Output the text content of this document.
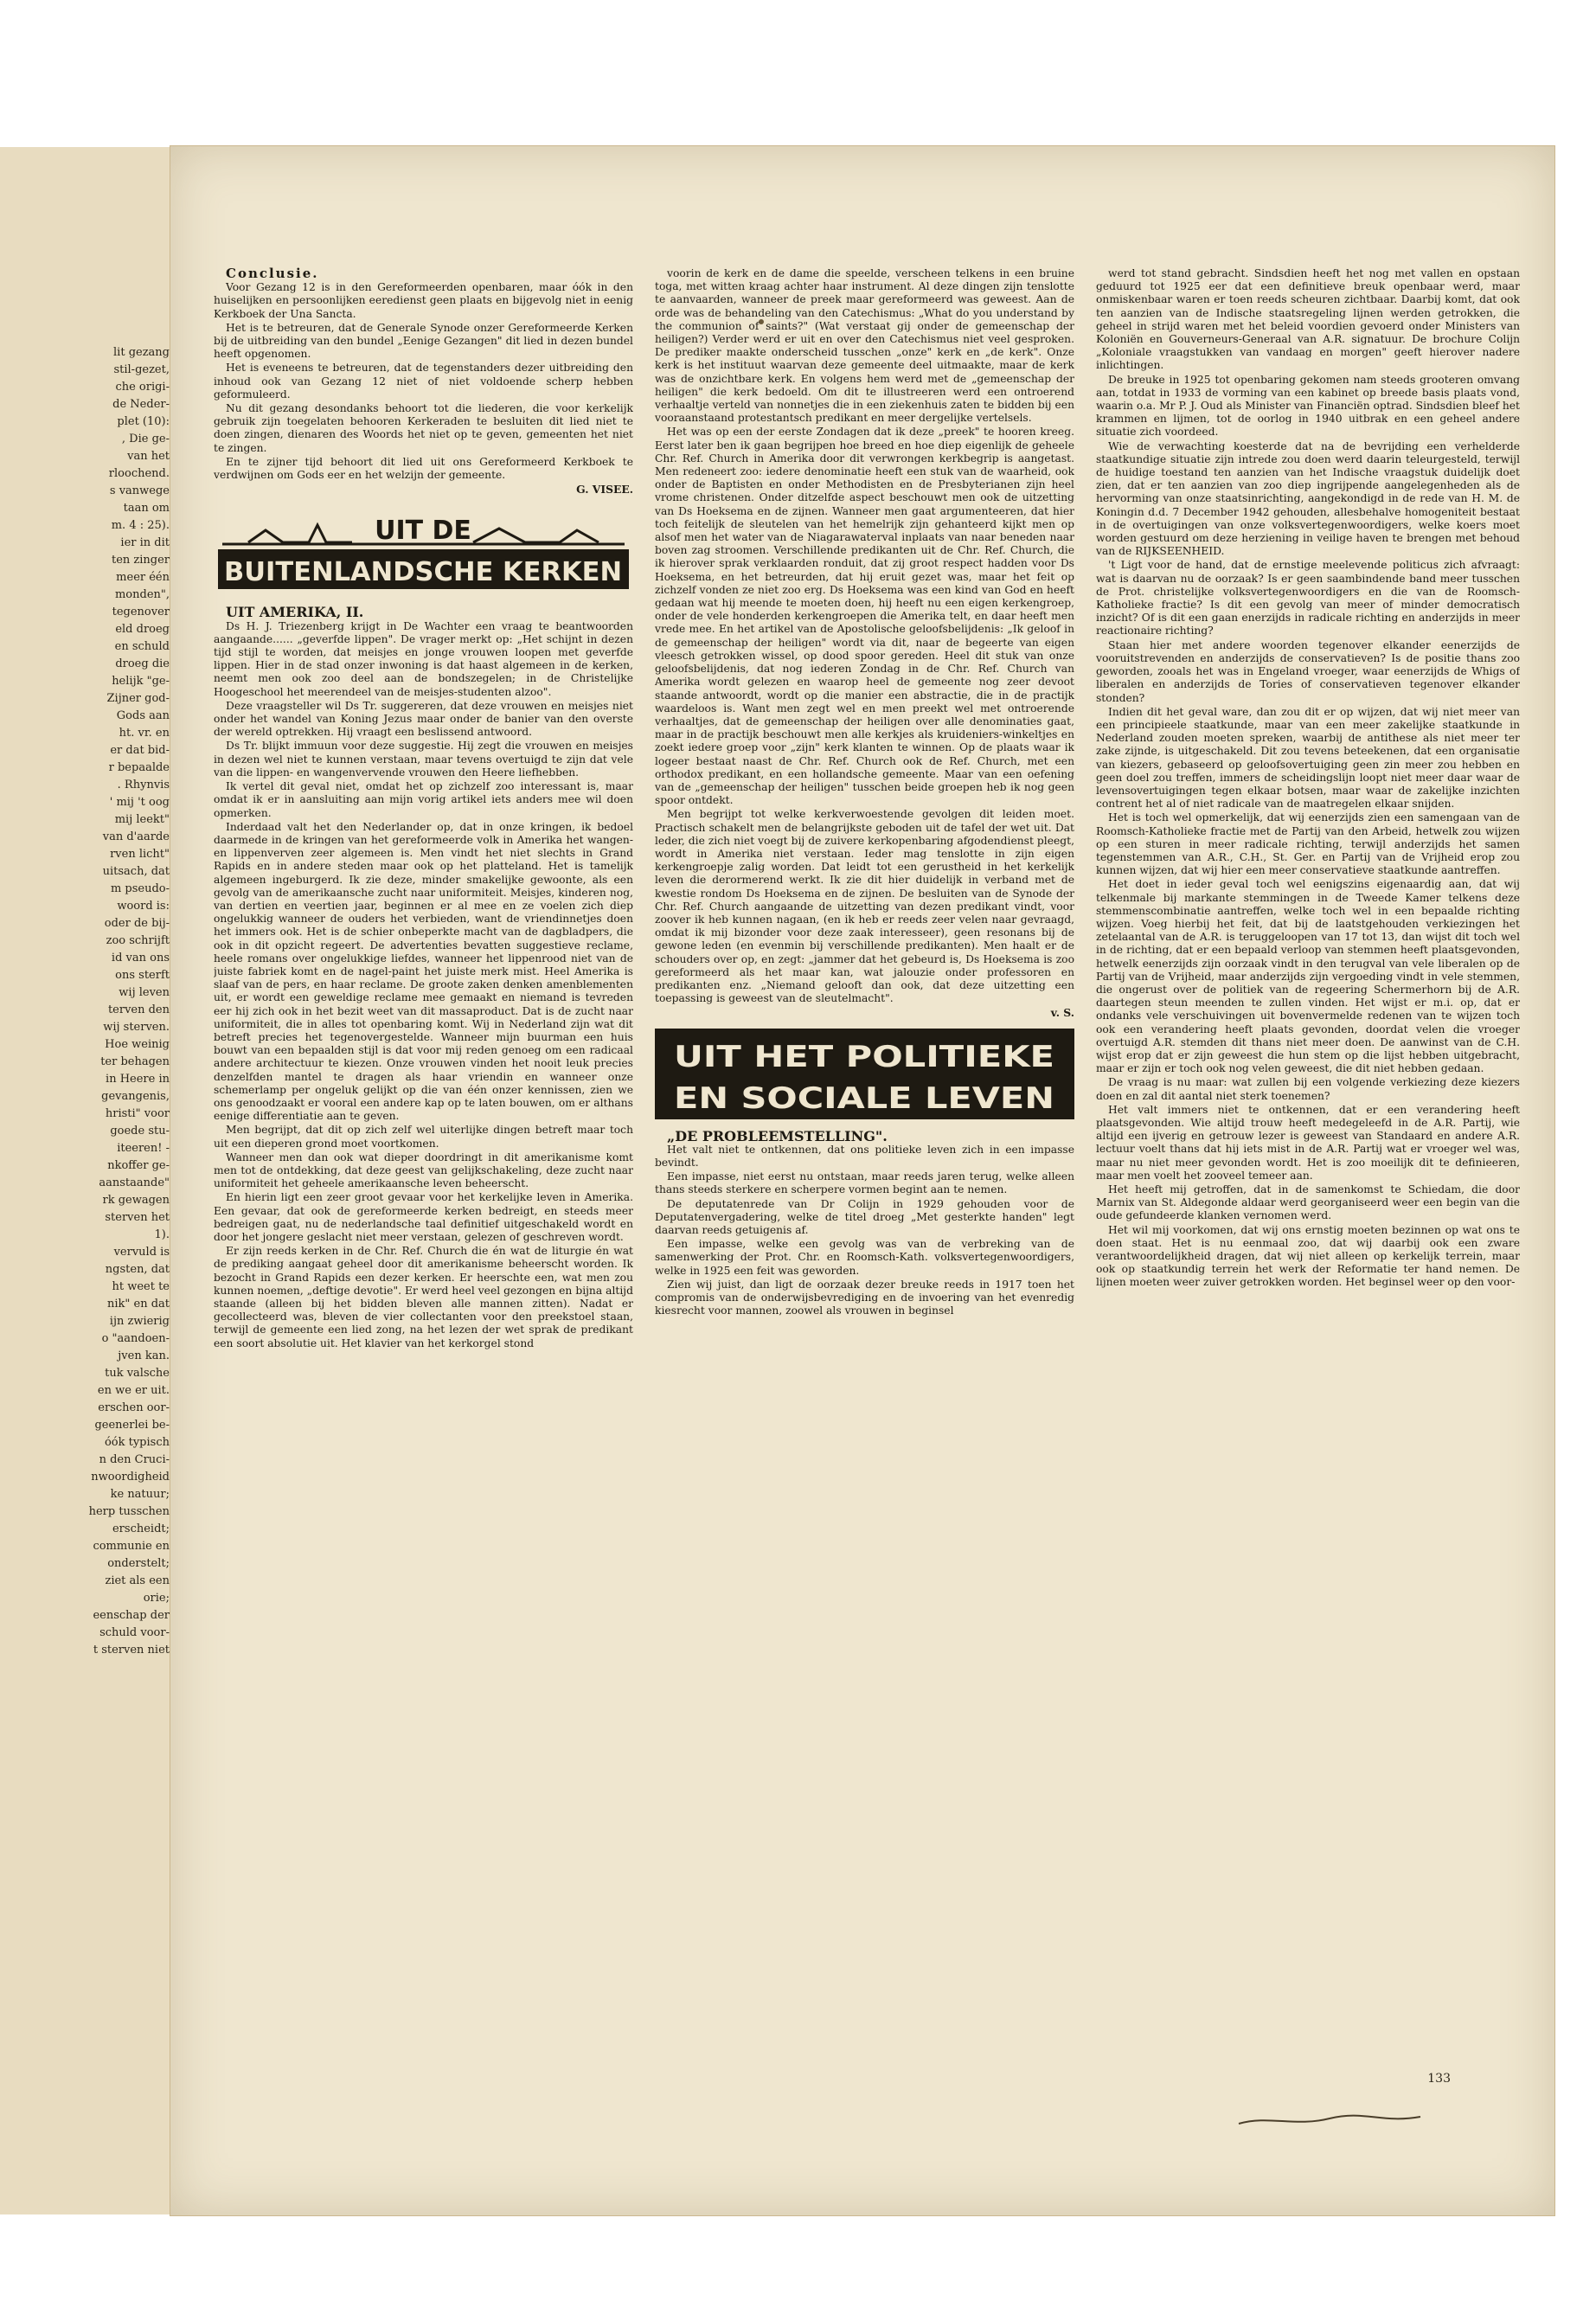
lit gezang
stil-gezet,
che origi-
de Neder-
plet (10):
, Die ge-
van het
rloochend.
s vanwege
taan om
m. 4 : 25).
ier in dit
ten zinger
meer één
monden",
tegenover
eld droeg
en schuld
droeg die
helijk "ge-
Zijner god-
Gods aan
ht. vr. en
er dat bid-
r bepaalde
. Rhynvis
' mij 't oog
mij leekt"
van d'aarde
rven licht"
uitsach, dat
m pseudo-
woord is:
oder de bij-
zoo schrijft
id van ons
ons sterft
wij leven
terven den
wij sterven.
Hoe weinig
ter behagen
in Heere in
gevangenis,
hristi" voor
goede stu-
iteeren! -
nkoffer ge-
aanstaande"
rk gewagen
sterven het
1).
vervuld is
ngsten, dat
ht weet te
nik" en dat
ijn zwierig
o "aandoen-
jven kan.
tuk valsche
en we er uit.
erschen oor-
geenerlei be-
óók typisch
n den Cruci-
nwoordigheid
ke natuur;
herp tusschen
erscheidt;
communie en
onderstelt;
ziet als een
orie;
eenschap der
schuld voor-
t sterven niet

Conclusie.

Voor Gezang 12 is in den Gereformeerden openbaren, maar óók in den huiselijken en persoonlijken eeredienst geen plaats en bijgevolg niet in eenig Kerkboek der Una Sancta.

Het is te betreuren, dat de Generale Synode onzer Gereformeerde Kerken bij de uitbreiding van den bundel „Eenige Gezangen" dit lied in dezen bundel heeft opgenomen.

Het is eveneens te betreuren, dat de tegenstanders dezer uitbreiding den inhoud ook van Gezang 12 niet of niet voldoende scherp hebben geformuleerd.

Nu dit gezang desondanks behoort tot die liederen, die voor kerkelijk gebruik zijn toegelaten behooren Kerkeraden te besluiten dit lied niet te doen zingen, dienaren des Woords het niet op te geven, gemeenten het niet te zingen.

En te zijner tijd behoort dit lied uit ons Gereformeerd Kerkboek te verdwijnen om Gods eer en het welzijn der gemeente.

G. VISEE.

UIT DE
BUITENLANDSCHE KERKEN

UIT AMERIKA, II.

Ds H. J. Triezenberg krijgt in De Wachter een vraag te beantwoorden aangaande...... „geverfde lippen". De vrager merkt op: „Het schijnt in dezen tijd stijl te worden, dat meisjes en jonge vrouwen loopen met geverfde lippen. Hier in de stad onzer inwoning is dat haast algemeen in de kerken, neemt men ook zoo deel aan de bondszegelen; in de Christelijke Hoogeschool het meerendeel van de meisjes-studenten alzoo".

Deze vraagsteller wil Ds Tr. suggereren, dat deze vrouwen en meisjes niet onder het wandel van Koning Jezus maar onder de banier van den overste der wereld optrekken. Hij vraagt een beslissend antwoord.

Ds Tr. blijkt immuun voor deze suggestie. Hij zegt die vrouwen en meisjes in dezen wel niet te kunnen verstaan, maar tevens overtuigd te zijn dat vele van die lippen- en wangenvervende vrouwen den Heere liefhebben.

Ik vertel dit geval niet, omdat het op zichzelf zoo interessant is, maar omdat ik er in aansluiting aan mijn vorig artikel iets anders mee wil doen opmerken.

Inderdaad valt het den Nederlander op, dat in onze kringen, ik bedoel daarmede in de kringen van het gereformeerde volk in Amerika het wangen- en lippenverven zeer algemeen is. Men vindt het niet slechts in Grand Rapids en in andere steden maar ook op het platteland. Het is tamelijk algemeen ingeburgerd. Ik zie deze, minder smakelijke gewoonte, als een gevolg van de amerikaansche zucht naar uniformiteit. Meisjes, kinderen nog, van dertien en veertien jaar, beginnen er al mee en ze voelen zich diep ongelukkig wanneer de ouders het verbieden, want de vriendinnetjes doen het immers ook. Het is de schier onbeperkte macht van de dagbladpers, die ook in dit opzicht regeert. De advertenties bevatten suggestieve reclame, heele romans over ongelukkige liefdes, wanneer het lippenrood niet van de juiste fabriek komt en de nagel-paint het juiste merk mist. Heel Amerika is slaaf van de pers, en haar reclame. De groote zaken denken amenblementen uit, er wordt een geweldige reclame mee gemaakt en niemand is tevreden eer hij zich ook in het bezit weet van dit massaproduct. Dat is de zucht naar uniformiteit, die in alles tot openbaring komt. Wij in Nederland zijn wat dit betreft precies het tegenovergestelde. Wanneer mijn buurman een huis bouwt van een bepaalden stijl is dat voor mij reden genoeg om een radicaal andere architectuur te kiezen. Onze vrouwen vinden het nooit leuk precies denzelfden mantel te dragen als haar vriendin en wanneer onze schemerlamp per ongeluk gelijkt op die van één onzer kennissen, zien we ons genoodzaakt er vooral een andere kap op te laten bouwen, om er althans eenige differentiatie aan te geven.

Men begrijpt, dat dit op zich zelf wel uiterlijke dingen betreft maar toch uit een dieperen grond moet voortkomen.

Wanneer men dan ook wat dieper doordringt in dit amerikanisme komt men tot de ontdekking, dat deze geest van gelijkschakeling, deze zucht naar uniformiteit het geheele amerikaansche leven beheerscht.

En hierin ligt een zeer groot gevaar voor het kerkelijke leven in Amerika. Een gevaar, dat ook de gereformeerde kerken bedreigt, en steeds meer bedreigen gaat, nu de nederlandsche taal definitief uitgeschakeld wordt en door het jongere geslacht niet meer verstaan, gelezen of geschreven wordt.

Er zijn reeds kerken in de Chr. Ref. Church die én wat de liturgie én wat de prediking aangaat geheel door dit amerikanisme beheerscht worden. Ik bezocht in Grand Rapids een dezer kerken. Er heerschte een, wat men zou kunnen noemen, „deftige devotie". Er werd heel veel gezongen en bijna altijd staande (alleen bij het bidden bleven alle mannen zitten). Nadat er gecollecteerd was, bleven de vier collectanten voor den preekstoel staan, terwijl de gemeente een lied zong, na het lezen der wet sprak de predikant een soort absolutie uit. Het klavier van het kerkorgel stond

voorin de kerk en de dame die speelde, verscheen telkens in een bruine toga, met witten kraag achter haar instrument. Al deze dingen zijn tenslotte te aanvaarden, wanneer de preek maar gereformeerd was geweest. Aan de orde was de behandeling van den Catechismus: „What do you understand by the communion of saints?" (Wat verstaat gij onder de gemeenschap der heiligen?) Verder werd er uit en over den Catechismus niet veel gesproken. De prediker maakte onderscheid tusschen „onze" kerk en „de kerk". Onze kerk is het instituut waarvan deze gemeente deel uitmaakte, maar de kerk was de onzichtbare kerk. En volgens hem werd met de „gemeenschap der heiligen" die kerk bedoeld. Om dit te illustreeren werd een ontroerend verhaaltje verteld van nonnetjes die in een ziekenhuis zaten te bidden bij een vooraanstaand protestantsch predikant en meer dergelijke vertelsels.

Het was op een der eerste Zondagen dat ik deze „preek" te hooren kreeg. Eerst later ben ik gaan begrijpen hoe breed en hoe diep eigenlijk de geheele Chr. Ref. Church in Amerika door dit verwrongen kerkbegrip is aangetast. Men redeneert zoo: iedere denominatie heeft een stuk van de waarheid, ook onder de Baptisten en onder Methodisten en de Presbyterianen zijn heel vrome christenen. Onder ditzelfde aspect beschouwt men ook de uitzetting van Ds Hoeksema en de zijnen. Wanneer men gaat argumenteeren, dat hier toch feitelijk de sleutelen van het hemelrijk zijn gehanteerd kijkt men op alsof men het water van de Niagarawaterval inplaats van naar beneden naar boven zag stroomen. Verschillende predikanten uit de Chr. Ref. Church, die ik hierover sprak verklaarden ronduit, dat zij groot respect hadden voor Ds Hoeksema, en het betreurden, dat hij eruit gezet was, maar het feit op zichzelf vonden ze niet zoo erg. Ds Hoeksema was een kind van God en heeft gedaan wat hij meende te moeten doen, hij heeft nu een eigen kerkengroep, onder de vele honderden kerkengroepen die Amerika telt, en daar heeft men vrede mee. En het artikel van de Apostolische geloofsbelijdenis: „Ik geloof in de gemeenschap der heiligen" wordt via dit, naar de begeerte van eigen vleesch getrokken wissel, op dood spoor gereden. Heel dit stuk van onze geloofsbelijdenis, dat nog iederen Zondag in de Chr. Ref. Church van Amerika wordt gelezen en waarop heel de gemeente nog zeer devoot staande antwoordt, wordt op die manier een abstractie, die in de practijk waardeloos is. Want men zegt wel en men preekt wel met ontroerende verhaaltjes, dat de gemeenschap der heiligen over alle denominaties gaat, maar in de practijk beschouwt men alle kerkjes als kruideniers-winkeltjes en zoekt iedere groep voor „zijn" kerk klanten te winnen. Op de plaats waar ik logeer bestaat naast de Chr. Ref. Church ook de Ref. Church, met een orthodox predikant, en een hollandsche gemeente. Maar van een oefening van de „gemeenschap der heiligen" tusschen beide groepen heb ik nog geen spoor ontdekt.

Men begrijpt tot welke kerkverwoestende gevolgen dit leiden moet. Practisch schakelt men de belangrijkste geboden uit de tafel der wet uit. Dat leder, die zich niet voegt bij de zuivere kerkopenbaring afgodendienst pleegt, wordt in Amerika niet verstaan. Ieder mag tenslotte in zijn eigen kerkengroepje zalig worden. Dat leidt tot een gerustheid in het kerkelijk leven die derormerend werkt. Ik zie dit hier duidelijk in verband met de kwestie rondom Ds Hoeksema en de zijnen. De besluiten van de Synode der Chr. Ref. Church aangaande de uitzetting van dezen predikant vindt, voor zoover ik heb kunnen nagaan, (en ik heb er reeds zeer velen naar gevraagd, omdat ik mij bizonder voor deze zaak interesseer), geen resonans bij de gewone leden (en evenmin bij verschillende predikanten). Men haalt er de schouders over op, en zegt: „jammer dat het gebeurd is, Ds Hoeksema is zoo gereformeerd als het maar kan, wat jalouzie onder professoren en predikanten enz. „Niemand gelooft dan ook, dat deze uitzetting een toepassing is geweest van de sleutelmacht".

v. S.

UIT HET POLITIEKE
EN SOCIALE LEVEN

„DE PROBLEEMSTELLING".

Het valt niet te ontkennen, dat ons politieke leven zich in een impasse bevindt.

Een impasse, niet eerst nu ontstaan, maar reeds jaren terug, welke alleen thans steeds sterkere en scherpere vormen begint aan te nemen.

De deputatenrede van Dr Colijn in 1929 gehouden voor de Deputatenvergadering, welke de titel droeg „Met gesterkte handen" legt daarvan reeds getuigenis af.

Een impasse, welke een gevolg was van de verbreking van de samenwerking der Prot. Chr. en Roomsch-Kath. volksvertegenwoordigers, welke in 1925 een feit was geworden.

Zien wij juist, dan ligt de oorzaak dezer breuke reeds in 1917 toen het compromis van de onderwijsbevrediging en de invoering van het evenredig kiesrecht voor mannen, zoowel als vrouwen in beginsel

werd tot stand gebracht. Sindsdien heeft het nog met vallen en opstaan geduurd tot 1925 eer dat een definitieve breuk openbaar werd, maar onmiskenbaar waren er toen reeds scheuren zichtbaar. Daarbij komt, dat ook ten aanzien van de Indische staatsregeling lijnen werden getrokken, die geheel in strijd waren met het beleid voordien gevoerd onder Ministers van Koloniën en Gouverneurs-Generaal van A.R. signatuur. De brochure Colijn „Koloniale vraagstukken van vandaag en morgen" geeft hierover nadere inlichtingen.

De breuke in 1925 tot openbaring gekomen nam steeds grooteren omvang aan, totdat in 1933 de vorming van een kabinet op breede basis plaats vond, waarin o.a. Mr P. J. Oud als Minister van Financiën optrad. Sindsdien bleef het krammen en lijmen, tot de oorlog in 1940 uitbrak en een geheel andere situatie zich voordeed.

Wie de verwachting koesterde dat na de bevrijding een verhelderde staatkundige situatie zijn intrede zou doen werd daarin teleurgesteld, terwijl de huidige toestand ten aanzien van het Indische vraagstuk duidelijk doet zien, dat er ten aanzien van zoo diep ingrijpende aangelegenheden als de hervorming van onze staatsinrichting, aangekondigd in de rede van H. M. de Koningin d.d. 7 December 1942 gehouden, allesbehalve homogeniteit bestaat in de overtuigingen van onze volksvertegenwoordigers, welke koers moet worden gestuurd om deze herziening in veilige haven te brengen met behoud van de RIJKSEENHEID.

't Ligt voor de hand, dat de ernstige meelevende politicus zich afvraagt: wat is daarvan nu de oorzaak? Is er geen saambindende band meer tusschen de Prot. christelijke volksvertegenwoordigers en die van de Roomsch-Katholieke fractie? Is dit een gevolg van meer of minder democratisch inzicht? Of is dit een gaan enerzijds in radicale richting en anderzijds in meer reactionaire richting?

Staan hier met andere woorden tegenover elkander eenerzijds de vooruitstrevenden en anderzijds de conservatieven? Is de positie thans zoo geworden, zooals het was in Engeland vroeger, waar eenerzijds de Whigs of liberalen en anderzijds de Tories of conservatieven tegenover elkander stonden?

Indien dit het geval ware, dan zou dit er op wijzen, dat wij niet meer van een principieele staatkunde, maar van een meer zakelijke staatkunde in Nederland zouden moeten spreken, waarbij de antithese als niet meer ter zake zijnde, is uitgeschakeld. Dit zou tevens beteekenen, dat een organisatie van kiezers, gebaseerd op geloofsovertuiging geen zin meer zou hebben en geen doel zou treffen, immers de scheidingslijn loopt niet meer daar waar de levensovertuigingen tegen elkaar botsen, maar waar de zakelijke inzichten contrent het al of niet radicale van de maatregelen elkaar snijden.

Het is toch wel opmerkelijk, dat wij eenerzijds zien een samengaan van de Roomsch-Katholieke fractie met de Partij van den Arbeid, hetwelk zou wijzen op een sturen in meer radicale richting, terwijl anderzijds het samen tegenstemmen van A.R., C.H., St. Ger. en Partij van de Vrijheid erop zou kunnen wijzen, dat wij hier een meer conservatieve staatkunde aantreffen.

Het doet in ieder geval toch wel eenigszins eigenaardig aan, dat wij telkenmale bij markante stemmingen in de Tweede Kamer telkens deze stemmenscombinatie aantreffen, welke toch wel in een bepaalde richting wijzen. Voeg hierbij het feit, dat bij de laatstgehouden verkiezingen het zetelaantal van de A.R. is teruggeloopen van 17 tot 13, dan wijst dit toch wel in de richting, dat er een bepaald verloop van stemmen heeft plaatsgevonden, hetwelk eenerzijds zijn oorzaak vindt in den terugval van vele liberalen op de Partij van de Vrijheid, maar anderzijds zijn vergoeding vindt in vele stemmen, die ongerust over de politiek van de regeering Schermerhorn bij de A.R. daartegen steun meenden te zullen vinden. Het wijst er m.i. op, dat er ondanks vele verschuivingen uit bovenvermelde redenen van te wijzen toch ook een verandering heeft plaats gevonden, doordat velen die vroeger overtuigd A.R. stemden dit thans niet meer doen. De aanwinst van de C.H. wijst erop dat er zijn geweest die hun stem op die lijst hebben uitgebracht, maar er zijn er toch ook nog velen geweest, die dit niet hebben gedaan.

De vraag is nu maar: wat zullen bij een volgende verkiezing deze kiezers doen en zal dit aantal niet sterk toenemen?

Het valt immers niet te ontkennen, dat er een verandering heeft plaatsgevonden. Wie altijd trouw heeft medegeleefd in de A.R. Partij, wie altijd een ijverig en getrouw lezer is geweest van Standaard en andere A.R. lectuur voelt thans dat hij iets mist in de A.R. Partij wat er vroeger wel was, maar nu niet meer gevonden wordt. Het is zoo moeilijk dit te definieeren, maar men voelt het zooveel temeer aan.

Het heeft mij getroffen, dat in de samenkomst te Schiedam, die door Marnix van St. Aldegonde aldaar werd georganiseerd weer een begin van die oude gefundeerde klanken vernomen werd.

Het wil mij voorkomen, dat wij ons ernstig moeten bezinnen op wat ons te doen staat. Het is nu eenmaal zoo, dat wij daarbij ook een zware verantwoordelijkheid dragen, dat wij niet alleen op kerkelijk terrein, maar ook op staatkundig terrein het werk der Reformatie ter hand nemen. De lijnen moeten weer zuiver getrokken worden. Het beginsel weer op den voor-

133
